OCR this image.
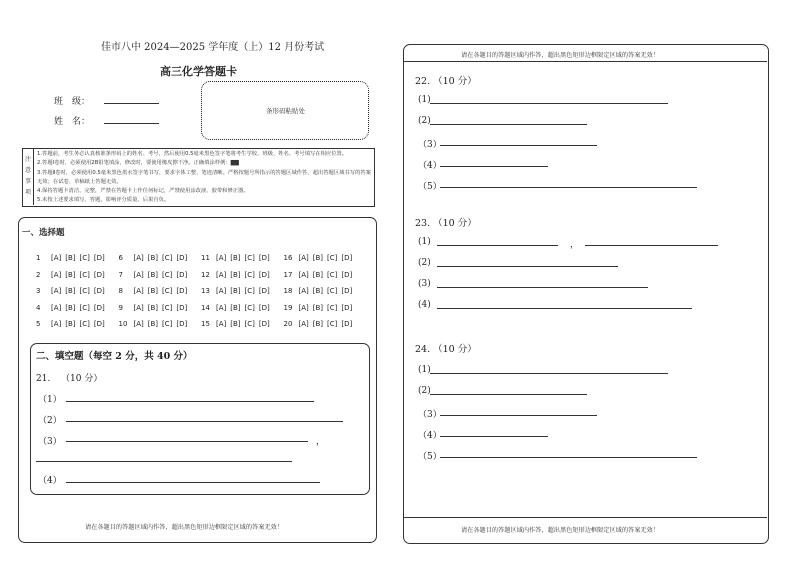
佳市八中 2024—2025 学年度（上）12 月份考试
高三化学答题卡
班　级：
姓　名：
条形码粘贴处
注
意
事
项
1.答题前，考生务必认真核准条形码上的姓名、考号，然后使用0.5毫米黑色签字笔将考生学校、班级、姓名、考号填写在相应位置。
2.答题Ⅰ卷时，必须使用2B铅笔填涂，修改时，要使用橡皮擦干净。正确填涂样例：▇▇
3.答题Ⅱ卷时，必须使用0.5毫米黑色墨水签字笔书写，要求字体工整、笔迹清晰。严格按题号所指示的答题区域作答，超出答题区域书写的答案无效；在试卷、草稿纸上答题无效。
4.保持答题卡清洁、完整，严禁在答题卡上作任何标记，严禁使用涂改液、胶带和修正器。
5.未按上述要求填写、答题，影响评分质量，后果自负。
一、选择题
1	[A] [B] [C] [D] 6	[A] [B] [C] [D] 11 [A] [B] [C] [D] 16 [A] [B] [C] [D]
2	[A] [B] [C] [D] 7	[A] [B] [C] [D] 12 [A] [B] [C] [D] 17 [A] [B] [C] [D]
3	[A] [B] [C] [D] 8	[A] [B] [C] [D] 13 [A] [B] [C] [D] 18 [A] [B] [C] [D]
4	[A] [B] [C] [D] 9	[A] [B] [C] [D] 14 [A] [B] [C] [D] 19 [A] [B] [C] [D]
5	[A] [B] [C] [D] 10 [A] [B] [C] [D] 15 [A] [B] [C] [D] 20 [A] [B] [C] [D]
二、填空题（每空 2 分，共 40 分）
21. （10 分）
（1）
（2）
（3）	，
（4）
请在各题目的答题区域内作答，超出黑色矩形边框限定区域的答案无效！
请在各题目的答题区域内作答，超出黑色矩形边框限定区域的答案无效！
22. （10 分）
(1)
(2)
（3）
（4）
（5）
23. （10 分）
(1)	，
(2)
(3)
(4)
24. （10 分）
(1)
(2)
（3）
（4）
（5）
请在各题目的答题区域内作答，超出黑色矩形边框限定区域的答案无效！
